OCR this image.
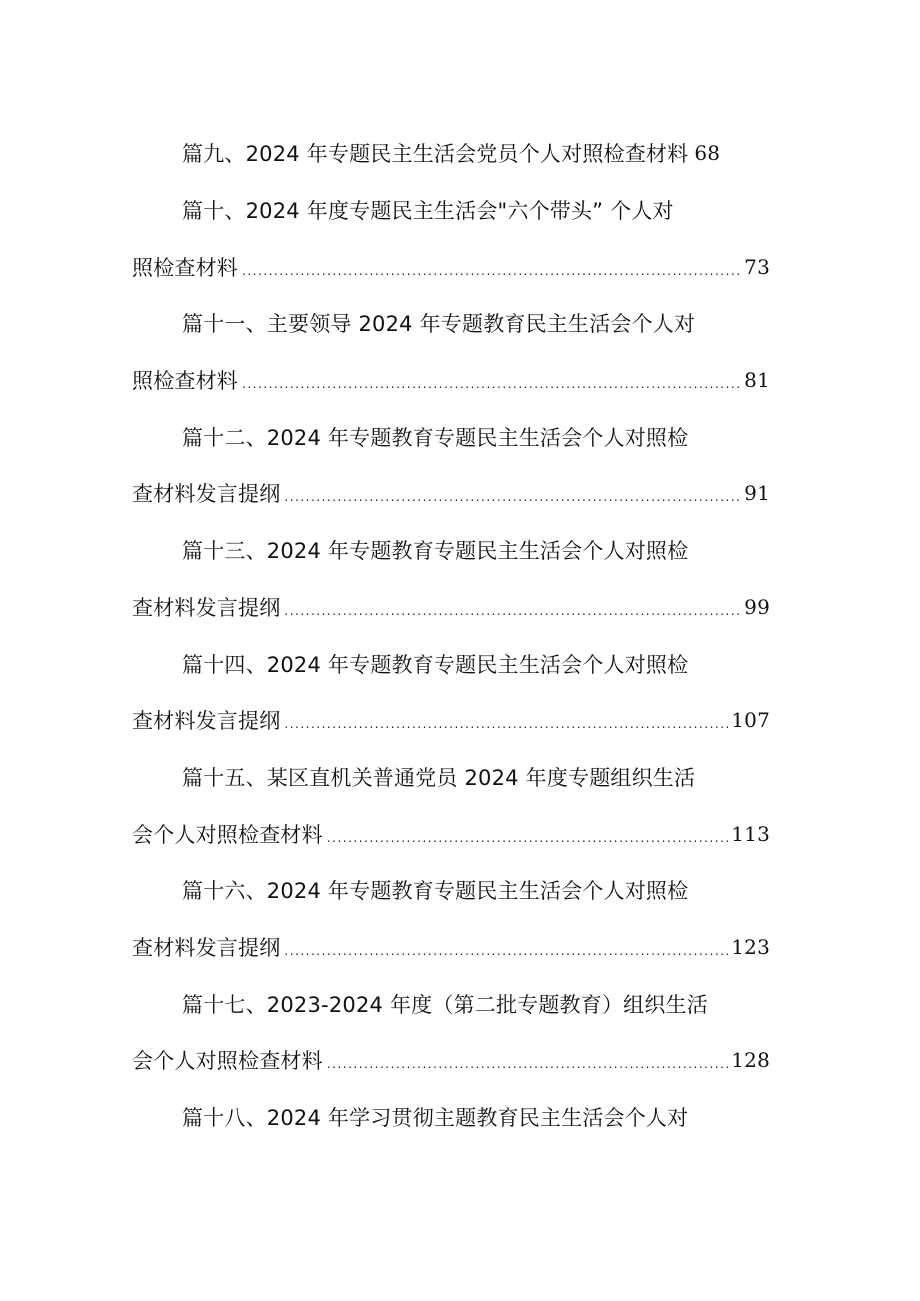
篇九、2024 年专题民主生活会党员个人对照检查材料 68
篇十、2024 年度专题民主生活会"六个带头” 个人对
照检查材料 .....	73
篇十一、主要领导 2024 年专题教育民主生活会个人对
照检查材料 .....	81
篇十二、2024 年专题教育专题民主生活会个人对照检
查材料发言提纲 .....	91
篇十三、2024 年专题教育专题民主生活会个人对照检
查材料发言提纲 .....	99
篇十四、2024 年专题教育专题民主生活会个人对照检
查材料发言提纲 .....	107
篇十五、某区直机关普通党员 2024 年度专题组织生活
会个人对照检查材料 .....	113
篇十六、2024 年专题教育专题民主生活会个人对照检
查材料发言提纲 .....	123
篇十七、2023-2024 年度（第二批专题教育）组织生活
会个人对照检查材料 .....	128
篇十八、2024 年学习贯彻主题教育民主生活会个人对
